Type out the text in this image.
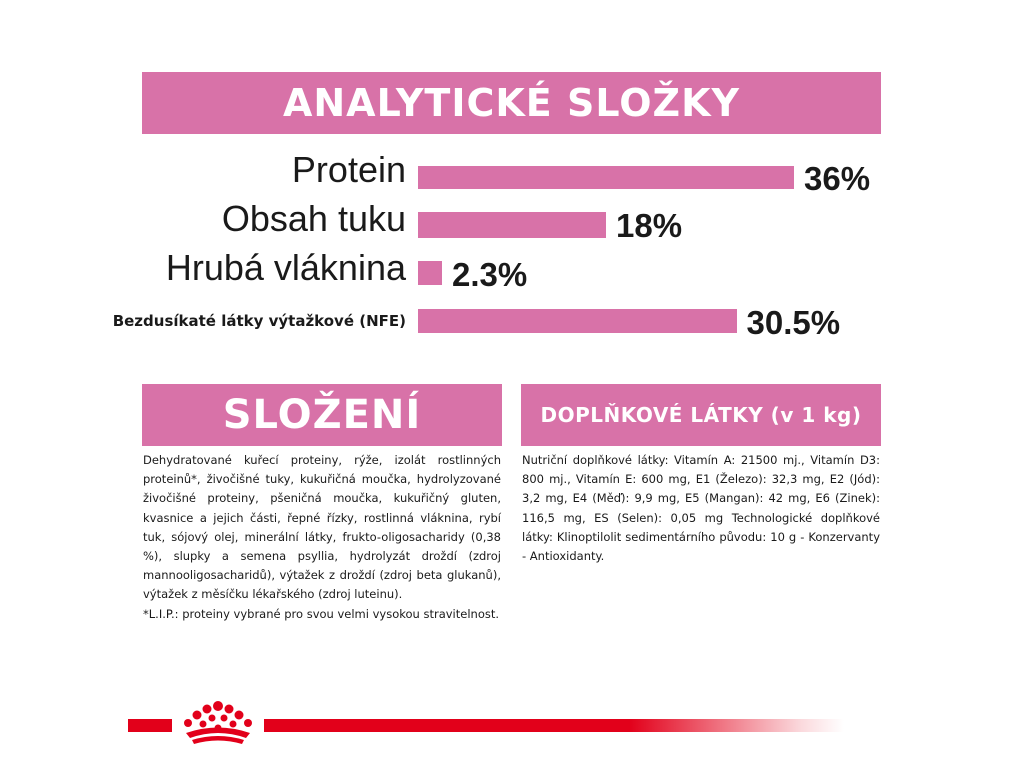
ANALYTICKÉ SLOŽKY
Protein	36%
Obsah tuku	18%
Hrubá vláknina 2.3%
Bezdusíkaté látky výtažkové (NFE)	30.5%
SLOŽENÍ
Dehydratované kuřecí proteiny, rýže, izolát rostlinných proteinů*, živočišné tuky, kukuřičná moučka, hydrolyzované živočišné proteiny, pšeničná moučka, kukuřičný gluten, kvasnice a jejich části, řepné řízky, rostlinná vláknina, rybí tuk, sójový olej, minerální látky, frukto-oligosacharidy (0,38 %), slupky a semena psyllia, hydrolyzát droždí (zdroj mannooligosacharidů), výtažek z droždí (zdroj beta glukanů), výtažek z měsíčku lékařského (zdroj luteinu).
*L.I.P.: proteiny vybrané pro svou velmi vysokou stravitelnost.
DOPLŇKOVÉ LÁTKY (v 1 kg)
Nutriční doplňkové látky: Vitamín A: 21500 mj., Vitamín D3: 800 mj., Vitamín E: 600 mg, E1 (Železo): 32,3 mg, E2 (Jód): 3,2 mg, E4 (Měď): 9,9 mg, E5 (Mangan): 42 mg, E6 (Zinek): 116,5 mg, ES (Selen): 0,05 mg Technologické doplňkové látky: Klinoptilolit sedimentárního původu: 10 g - Konzervanty - Antioxidanty.
